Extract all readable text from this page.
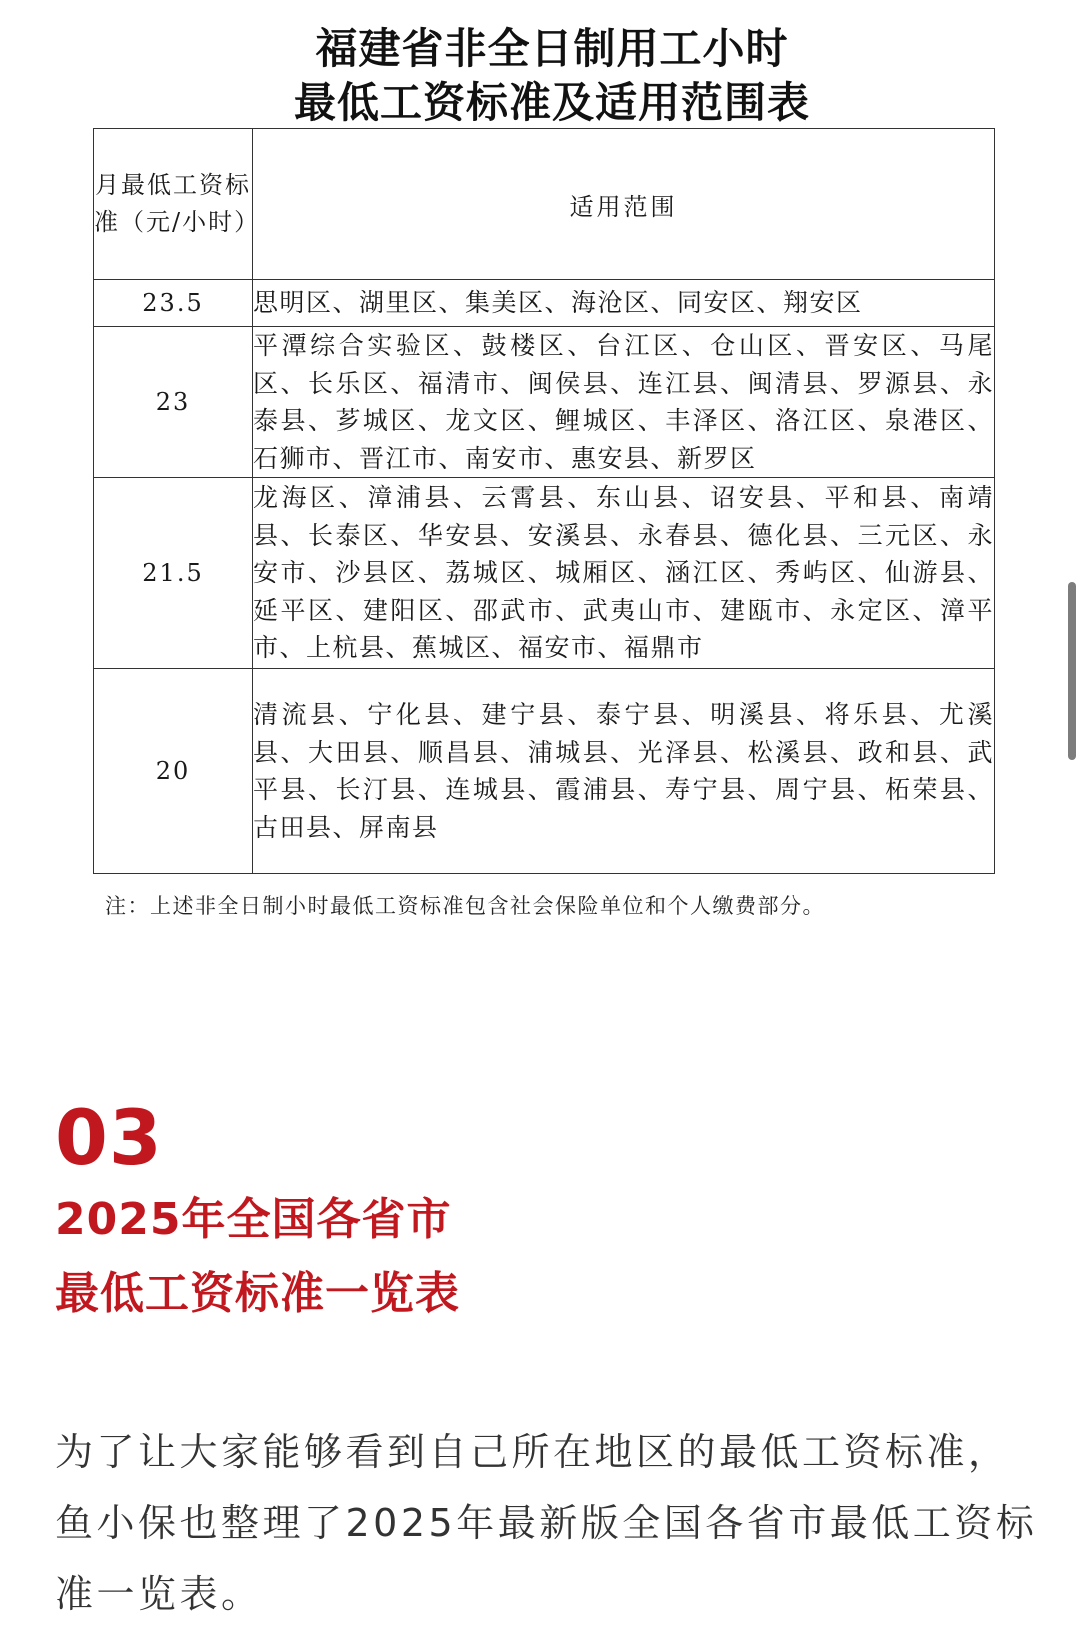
福建省非全日制用工小时
最低工资标准及适用范围表
月最低工资标准（元/小时）	适用范围
23.5	思明区、湖里区、集美区、海沧区、同安区、翔安区
23	平潭综合实验区、鼓楼区、台江区、仓山区、晋安区、马尾区、长乐区、福清市、闽侯县、连江县、闽清县、罗源县、永泰县、芗城区、龙文区、鲤城区、丰泽区、洛江区、泉港区、石狮市、晋江市、南安市、惠安县、新罗区
21.5	龙海区、漳浦县、云霄县、东山县、诏安县、平和县、南靖县、长泰区、华安县、安溪县、永春县、德化县、三元区、永安市、沙县区、荔城区、城厢区、涵江区、秀屿区、仙游县、延平区、建阳区、邵武市、武夷山市、建瓯市、永定区、漳平市、上杭县、蕉城区、福安市、福鼎市
20	清流县、宁化县、建宁县、泰宁县、明溪县、将乐县、尤溪县、大田县、顺昌县、浦城县、光泽县、松溪县、政和县、武平县、长汀县、连城县、霞浦县、寿宁县、周宁县、柘荣县、古田县、屏南县
注：上述非全日制小时最低工资标准包含社会保险单位和个人缴费部分。
03
2025年全国各省市
最低工资标准一览表
为了让大家能够看到自己所在地区的最低工资标准，鱼小保也整理了2025年最新版全国各省市最低工资标准一览表。
